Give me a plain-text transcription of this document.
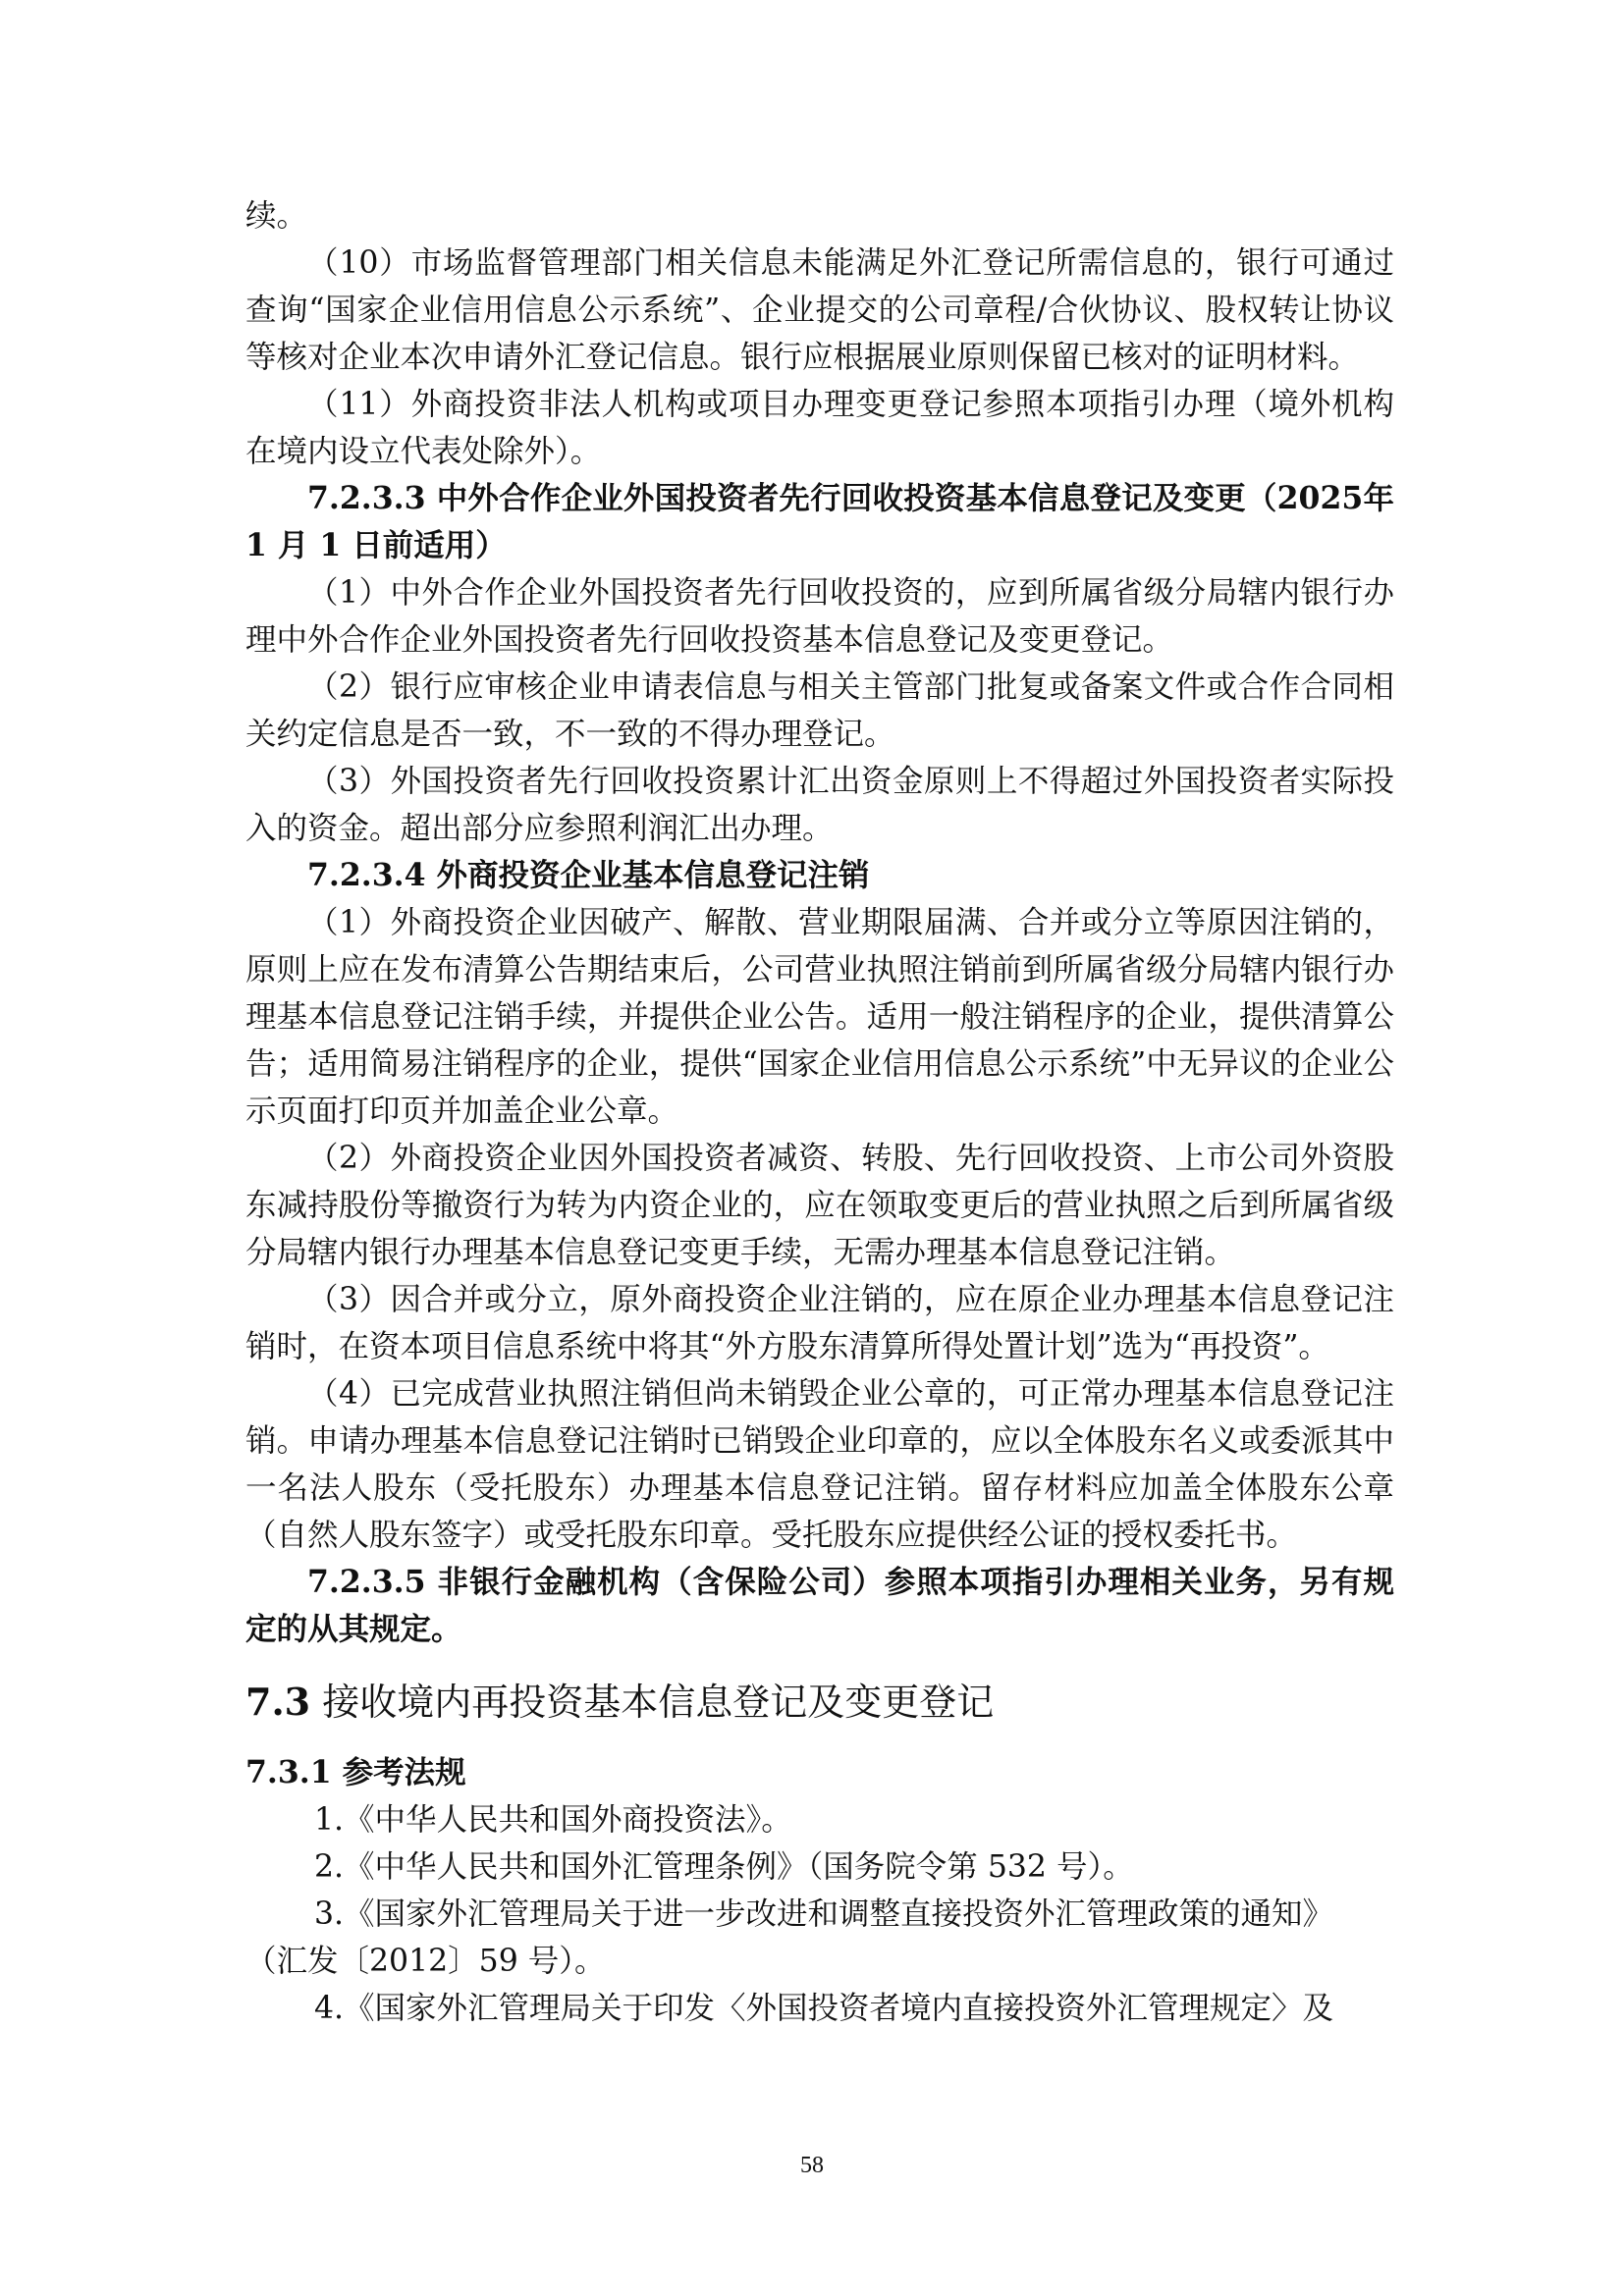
续。

（10）市场监督管理部门相关信息未能满足外汇登记所需信息的，银行可通过查询“国家企业信用信息公示系统”、企业提交的公司章程/合伙协议、股权转让协议等核对企业本次申请外汇登记信息。银行应根据展业原则保留已核对的证明材料。

（11）外商投资非法人机构或项目办理变更登记参照本项指引办理（境外机构在境内设立代表处除外）。

7.2.3.3 中外合作企业外国投资者先行回收投资基本信息登记及变更（2025年 1 月 1 日前适用）

（1）中外合作企业外国投资者先行回收投资的，应到所属省级分局辖内银行办理中外合作企业外国投资者先行回收投资基本信息登记及变更登记。

（2）银行应审核企业申请表信息与相关主管部门批复或备案文件或合作合同相关约定信息是否一致，不一致的不得办理登记。

（3）外国投资者先行回收投资累计汇出资金原则上不得超过外国投资者实际投入的资金。超出部分应参照利润汇出办理。

7.2.3.4 外商投资企业基本信息登记注销

（1）外商投资企业因破产、解散、营业期限届满、合并或分立等原因注销的，原则上应在发布清算公告期结束后，公司营业执照注销前到所属省级分局辖内银行办理基本信息登记注销手续，并提供企业公告。适用一般注销程序的企业，提供清算公告；适用简易注销程序的企业，提供“国家企业信用信息公示系统”中无异议的企业公示页面打印页并加盖企业公章。

（2）外商投资企业因外国投资者减资、转股、先行回收投资、上市公司外资股东减持股份等撤资行为转为内资企业的，应在领取变更后的营业执照之后到所属省级分局辖内银行办理基本信息登记变更手续，无需办理基本信息登记注销。

（3）因合并或分立，原外商投资企业注销的，应在原企业办理基本信息登记注销时，在资本项目信息系统中将其“外方股东清算所得处置计划”选为“再投资”。

（4）已完成营业执照注销但尚未销毁企业公章的，可正常办理基本信息登记注销。申请办理基本信息登记注销时已销毁企业印章的，应以全体股东名义或委派其中一名法人股东（受托股东）办理基本信息登记注销。留存材料应加盖全体股东公章（自然人股东签字）或受托股东印章。受托股东应提供经公证的授权委托书。

7.2.3.5 非银行金融机构（含保险公司）参照本项指引办理相关业务，另有规定的从其规定。

7.3 接收境内再投资基本信息登记及变更登记
7.3.1 参考法规

1.《中华人民共和国外商投资法》。

2.《中华人民共和国外汇管理条例》（国务院令第 532 号）。

3.《国家外汇管理局关于进一步改进和调整直接投资外汇管理政策的通知》

（汇发〔2012〕59 号）。

4.《国家外汇管理局关于印发〈外国投资者境内直接投资外汇管理规定〉及

58
